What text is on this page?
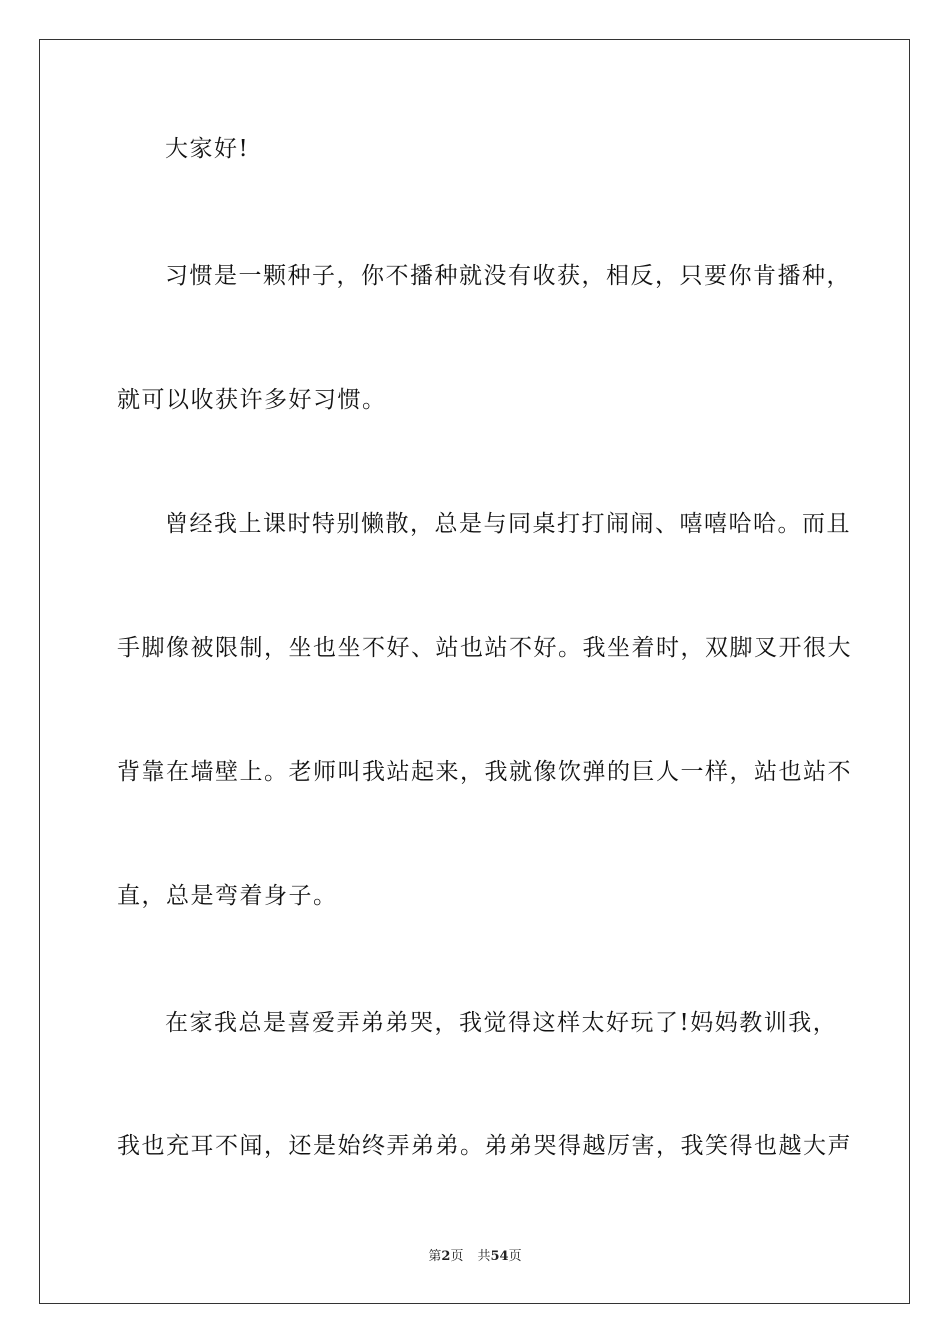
大家好!
习惯是一颗种子，你不播种就没有收获，相反，只要你肯播种，
就可以收获许多好习惯。
曾经我上课时特别懒散，总是与同桌打打闹闹、嘻嘻哈哈。而且
手脚像被限制，坐也坐不好、站也站不好。我坐着时，双脚叉开很大
背靠在墙壁上。老师叫我站起来，我就像饮弹的巨人一样，站也站不
直，总是弯着身子。
在家我总是喜爱弄弟弟哭，我觉得这样太好玩了!妈妈教训我，
我也充耳不闻，还是始终弄弟弟。弟弟哭得越厉害，我笑得也越大声
第2页 共54页
